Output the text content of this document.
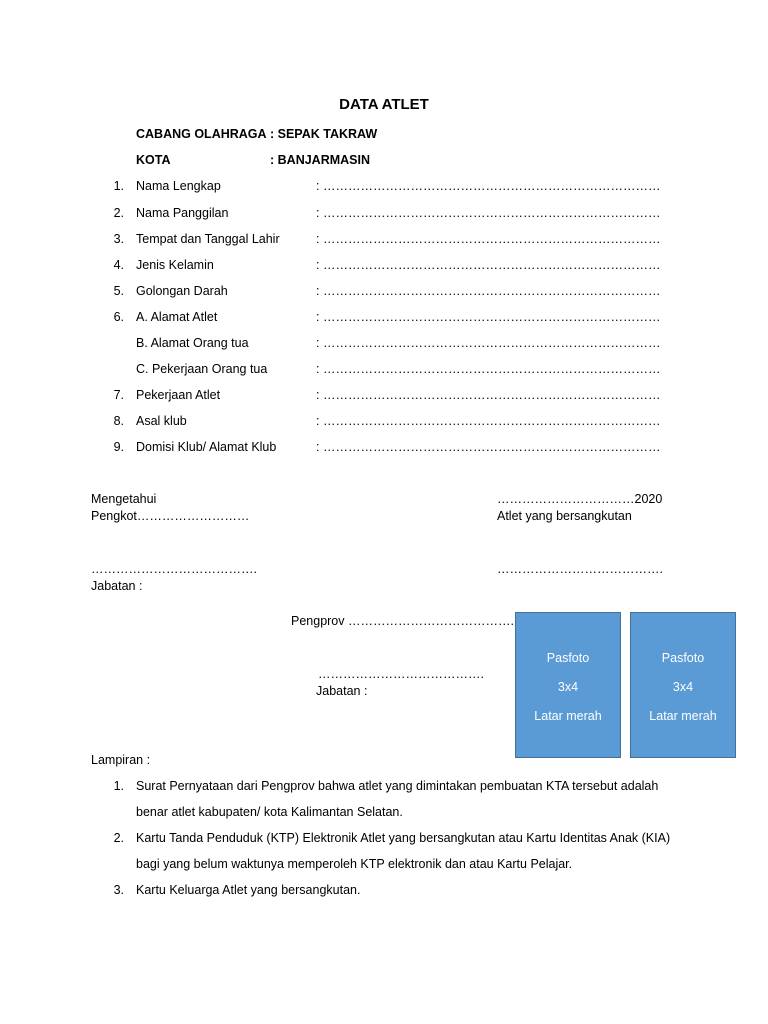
DATA ATLET
CABANG OLAHRAGA : SEPAK TAKRAW
KOTA	: BANJARMASIN
1. Nama Lengkap	: ………………………………………………………………………
2. Nama Panggilan	: ………………………………………………………………………
3. Tempat dan Tanggal Lahir	: ………………………………………………………………………
4. Jenis Kelamin	: ………………………………………………………………………
5. Golongan Darah	: ………………………………………………………………………
6. A. Alamat Atlet	: ………………………………………………………………………
B. Alamat Orang tua	: ………………………………………………………………………
C. Pekerjaan Orang tua	: ………………………………………………………………………
7. Pekerjaan Atlet	: ………………………………………………………………………
8. Asal klub	: ………………………………………………………………………
9. Domisi Klub/ Alamat Klub	: ………………………………………………………………………
Mengetahui
Pengkot………………………
……………………………2020
Atlet yang bersangkutan
………………………………….	………………………………….
Jabatan :
Pengprov ………………………………….
………………………………….
Jabatan :
Pasfoto
3x4
Latar merah
Pasfoto
3x4
Latar merah
Lampiran :
1. Surat Pernyataan dari Pengprov bahwa atlet yang dimintakan pembuatan KTA tersebut adalah
benar atlet kabupaten/ kota Kalimantan Selatan.
2. Kartu Tanda Penduduk (KTP) Elektronik Atlet yang bersangkutan atau Kartu Identitas Anak (KIA)
bagi yang belum waktunya memperoleh KTP elektronik dan atau Kartu Pelajar.
3. Kartu Keluarga Atlet yang bersangkutan.
